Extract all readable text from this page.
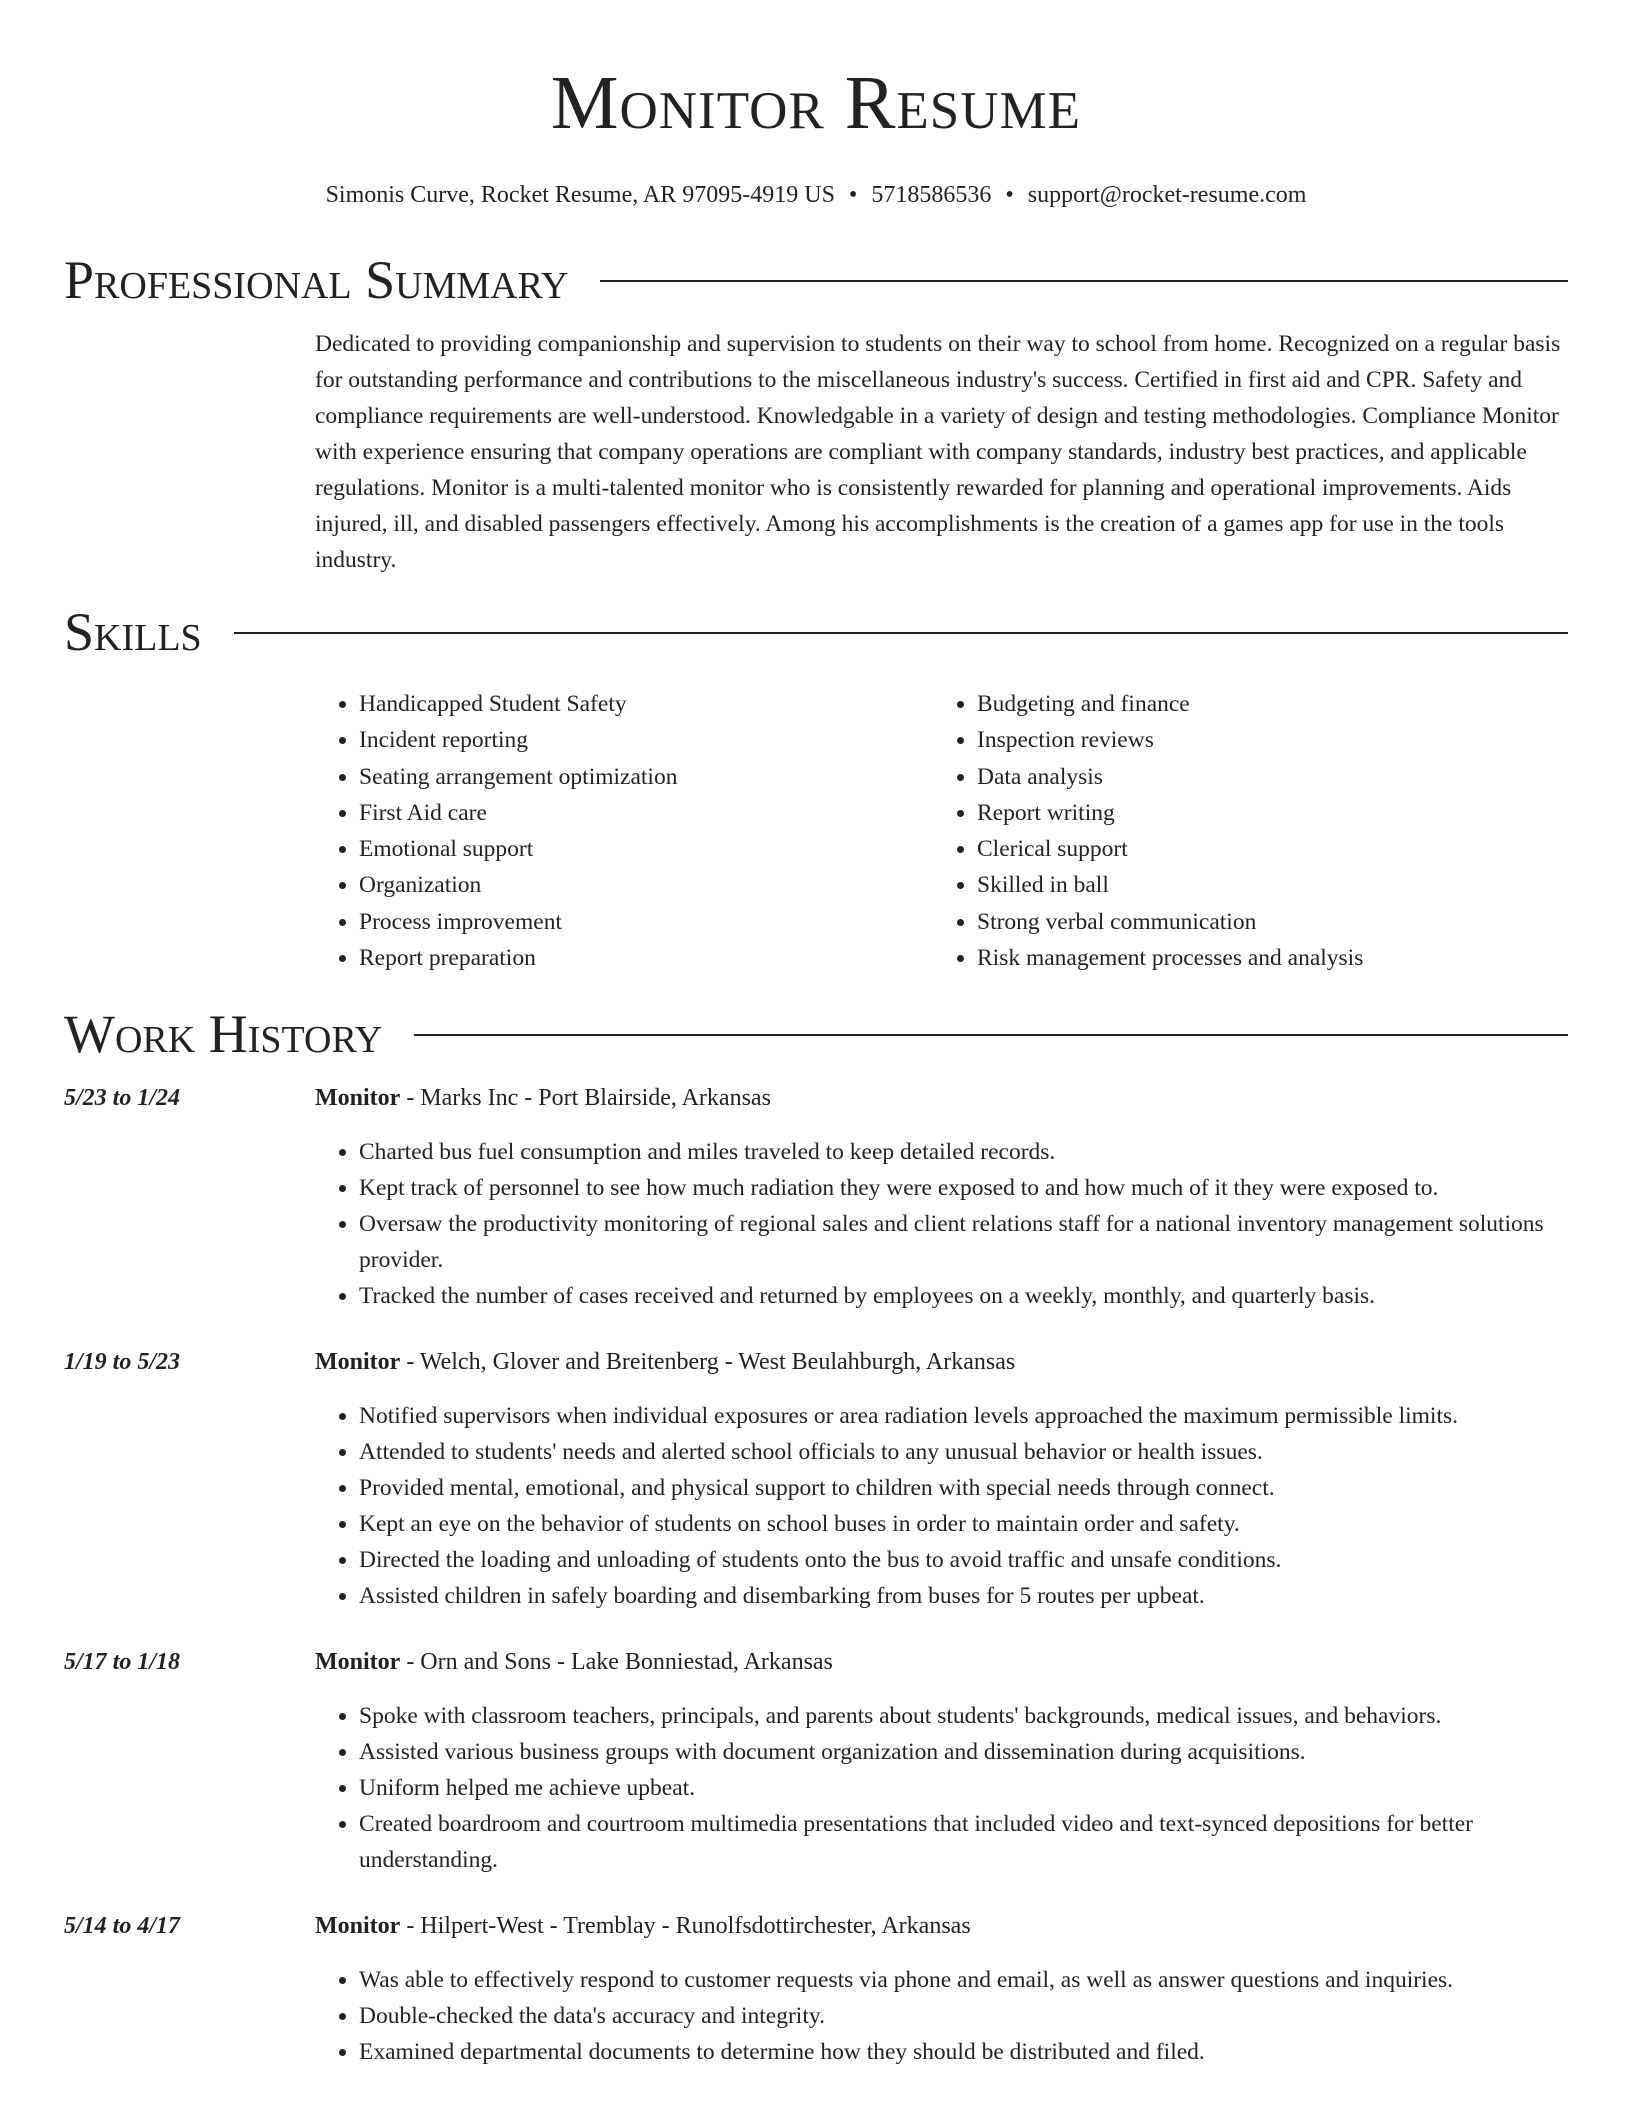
Monitor Resume
Simonis Curve, Rocket Resume, AR 97095-4919 US • 5718586536 • support@rocket-resume.com
Professional Summary
Dedicated to providing companionship and supervision to students on their way to school from home. Recognized on a regular basis for outstanding performance and contributions to the miscellaneous industry's success. Certified in first aid and CPR. Safety and compliance requirements are well-understood. Knowledgable in a variety of design and testing methodologies. Compliance Monitor with experience ensuring that company operations are compliant with company standards, industry best practices, and applicable regulations. Monitor is a multi-talented monitor who is consistently rewarded for planning and operational improvements. Aids injured, ill, and disabled passengers effectively. Among his accomplishments is the creation of a games app for use in the tools industry.
Skills
• Handicapped Student Safety
• Incident reporting
• Seating arrangement optimization
• First Aid care
• Emotional support
• Organization
• Process improvement
• Report preparation
• Budgeting and finance
• Inspection reviews
• Data analysis
• Report writing
• Clerical support
• Skilled in ball
• Strong verbal communication
• Risk management processes and analysis
Work History
5/23 to 1/24	Monitor - Marks Inc - Port Blairside, Arkansas
• Charted bus fuel consumption and miles traveled to keep detailed records.
• Kept track of personnel to see how much radiation they were exposed to and how much of it they were exposed to.
• Oversaw the productivity monitoring of regional sales and client relations staff for a national inventory management solutions provider.
• Tracked the number of cases received and returned by employees on a weekly, monthly, and quarterly basis.
1/19 to 5/23	Monitor - Welch, Glover and Breitenberg - West Beulahburgh, Arkansas
• Notified supervisors when individual exposures or area radiation levels approached the maximum permissible limits.
• Attended to students' needs and alerted school officials to any unusual behavior or health issues.
• Provided mental, emotional, and physical support to children with special needs through connect.
• Kept an eye on the behavior of students on school buses in order to maintain order and safety.
• Directed the loading and unloading of students onto the bus to avoid traffic and unsafe conditions.
• Assisted children in safely boarding and disembarking from buses for 5 routes per upbeat.
5/17 to 1/18	Monitor - Orn and Sons - Lake Bonniestad, Arkansas
• Spoke with classroom teachers, principals, and parents about students' backgrounds, medical issues, and behaviors.
• Assisted various business groups with document organization and dissemination during acquisitions.
• Uniform helped me achieve upbeat.
• Created boardroom and courtroom multimedia presentations that included video and text-synced depositions for better understanding.
5/14 to 4/17	Monitor - Hilpert-West - Tremblay - Runolfsdottirchester, Arkansas
• Was able to effectively respond to customer requests via phone and email, as well as answer questions and inquiries.
• Double-checked the data's accuracy and integrity.
• Examined departmental documents to determine how they should be distributed and filed.
